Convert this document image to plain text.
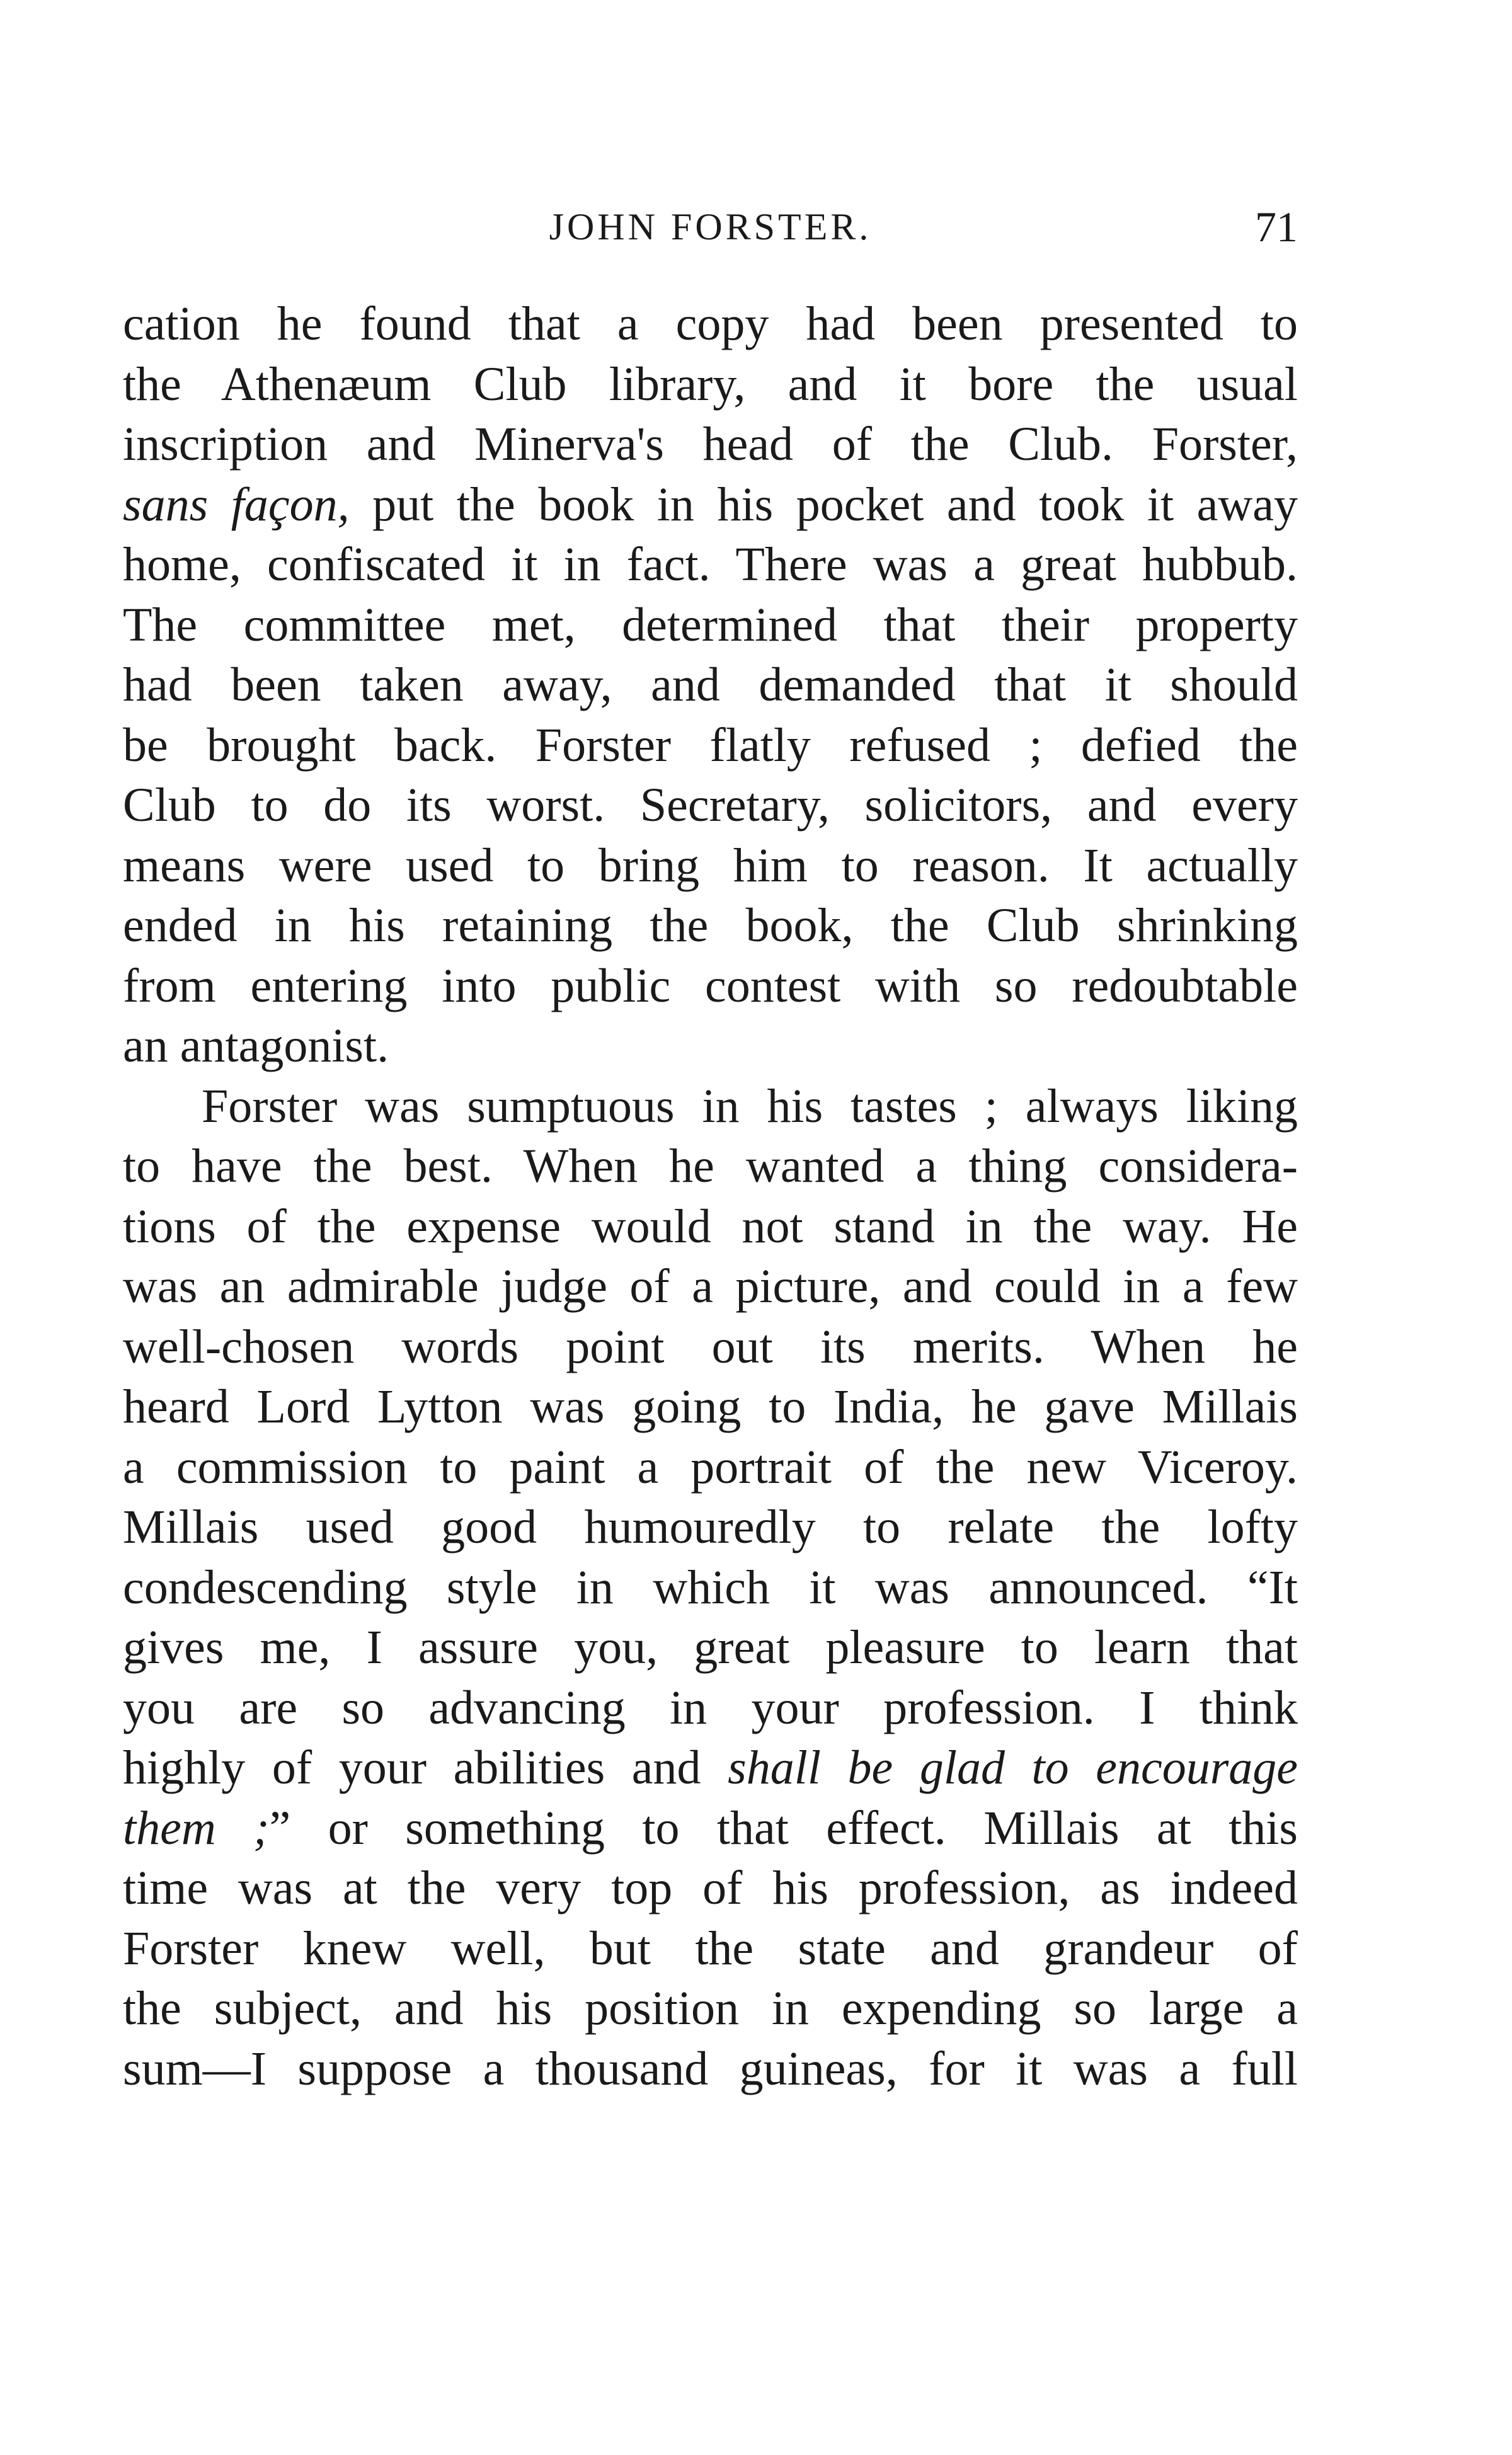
JOHN FORSTER.	71
cation he found that a copy had been presented to
the Athenæum Club library, and it bore the usual
inscription and Minerva's head of the Club. Forster,
sans façon, put the book in his pocket and took it away
home, confiscated it in fact. There was a great hubbub.
The committee met, determined that their property
had been taken away, and demanded that it should
be brought back. Forster flatly refused ; defied the
Club to do its worst. Secretary, solicitors, and every
means were used to bring him to reason. It actually
ended in his retaining the book, the Club shrinking
from entering into public contest with so redoubtable
an antagonist.
Forster was sumptuous in his tastes ; always liking
to have the best. When he wanted a thing considera-
tions of the expense would not stand in the way. He
was an admirable judge of a picture, and could in a few
well-chosen words point out its merits. When he
heard Lord Lytton was going to India, he gave Millais
a commission to paint a portrait of the new Viceroy.
Millais used good humouredly to relate the lofty
condescending style in which it was announced. “It
gives me, I assure you, great pleasure to learn that
you are so advancing in your profession. I think
highly of your abilities and shall be glad to encourage
them ;” or something to that effect. Millais at this
time was at the very top of his profession, as indeed
Forster knew well, but the state and grandeur of
the subject, and his position in expending so large a
sum—I suppose a thousand guineas, for it was a full
